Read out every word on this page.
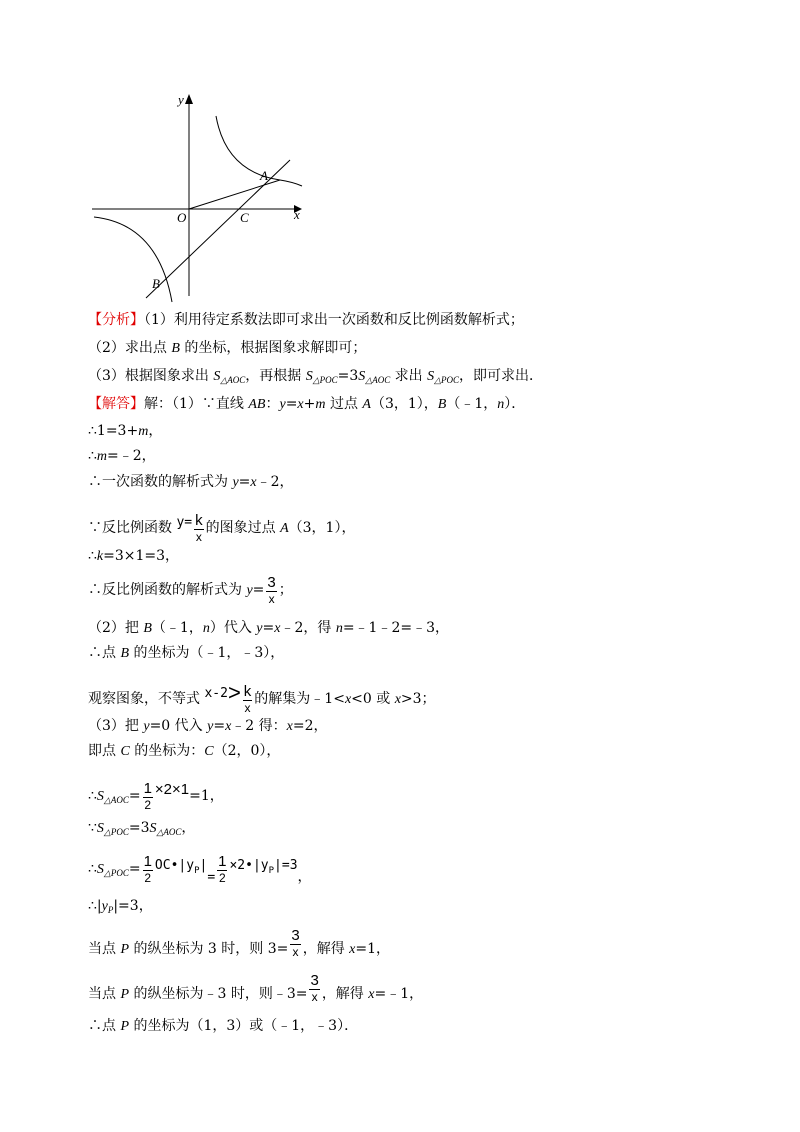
y
x
O
A
C
B
【分析】（1）利用待定系数法即可求出一次函数和反比例函数解析式；
（2）求出点 B 的坐标，根据图象求解即可；
（3）根据图象求出 $S_{\triangle AOC}$，再根据 $S_{\triangle POC}=3S_{\triangle AOC}$ 求出 $S_{\triangle POC}$，即可求出．
【解答】解：（1）∵直线 AB：y=x+m 过点 A（3，1），B（﹣1，n）．
∴1=3+m，
∴m=﹣2，
∴一次函数的解析式为 y=x﹣2，
∵反比例函数 $y= \frac{k}{x}$ 的图象过点 A（3，1），
∴k=3×1=3，
∴反比例函数的解析式为 $y= \frac{3}{x}$ ；
（2）把 B（﹣1，n）代入 y=x﹣2，得 n=﹣1﹣2=﹣3，
∴点 B 的坐标为（﹣1，﹣3），
观察图象，不等式 $x-2> \frac{k}{x}$ 的解集为﹣1<x<0 或 x>3；
（3）把 y=0 代入 y=x﹣2 得：x=2，
即点 C 的坐标为：C（2，0），
$\therefore S_{\triangle AOC}= \frac{1}{2} \times 2\times 1=1$，
$\because S_{\triangle POC}=3S_{\triangle AOC}$，
$\therefore S_{\triangle POC}= \frac{1}{2}$ OC•|yP|= $\frac{1}{2}$ ×2•|yP|=3，
$\therefore|y_P|=3$，
当点 P 的纵坐标为 3 时，则 $3= \frac{3}{x}$ ，解得 x=1，
当点 P 的纵坐标为﹣3 时，则﹣3= $\frac{3}{x}$ ，解得 x=﹣1，
∴点 P 的坐标为（1，3）或（﹣1，﹣3）．
